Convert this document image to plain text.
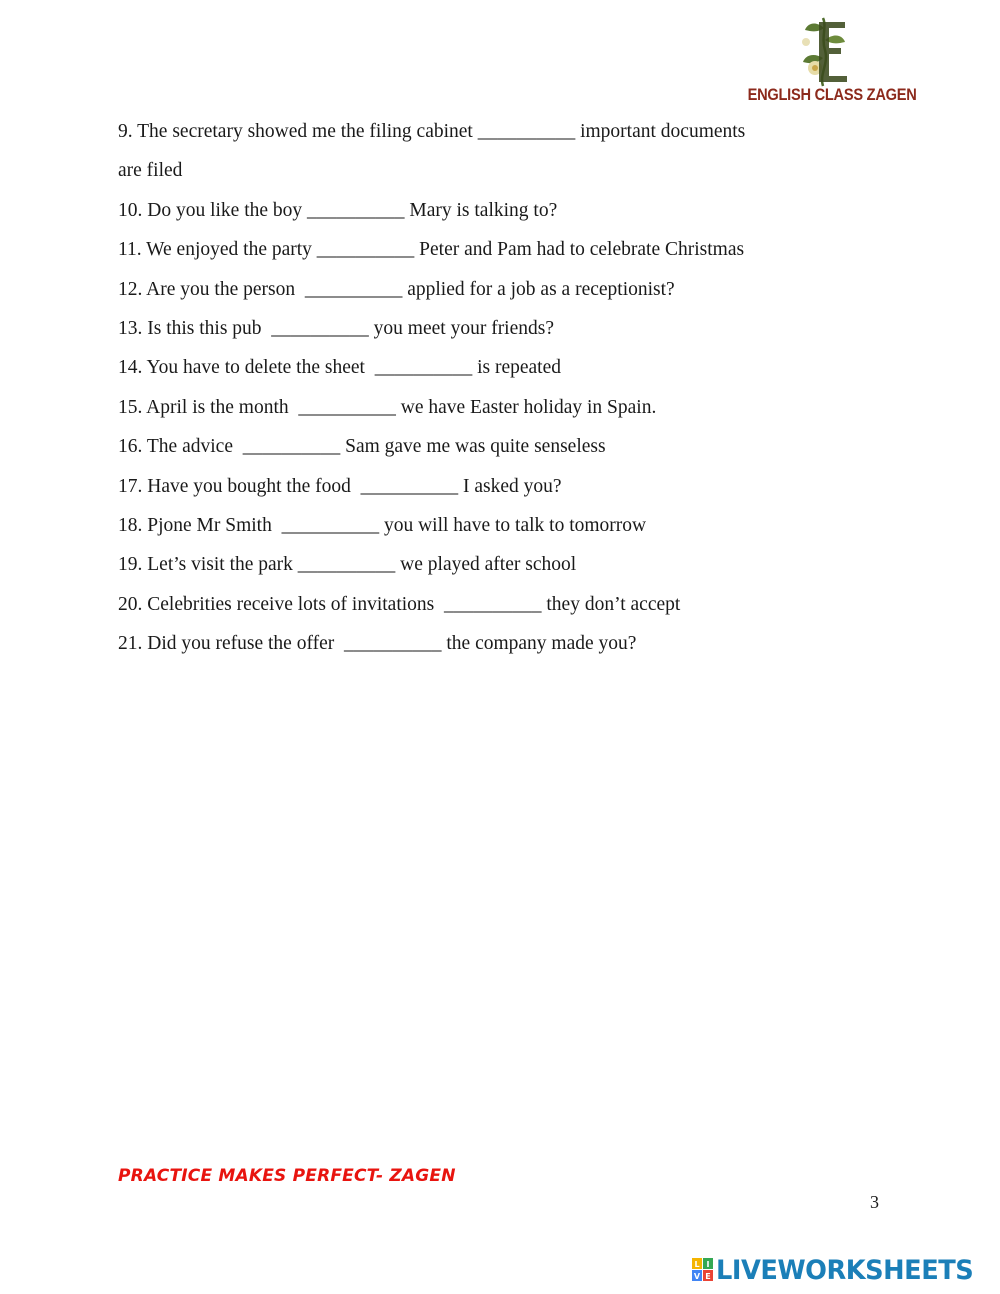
ENGLISH CLASS ZAGEN
9. The secretary showed me the filing cabinet __________ important documents
are filed
10. Do you like the boy __________ Mary is talking to?
11. We enjoyed the party __________ Peter and Pam had to celebrate Christmas
12. Are you the person  __________ applied for a job as a receptionist?
13. Is this this pub  __________ you meet your friends?
14. You have to delete the sheet  __________ is repeated
15. April is the month  __________ we have Easter holiday in Spain.
16. The advice  __________ Sam gave me was quite senseless
17. Have you bought the food  __________ I asked you?
18. Pjone Mr Smith  __________ you will have to talk to tomorrow
19. Let’s visit the park __________ we played after school
20. Celebrities receive lots of invitations  __________ they don’t accept
21. Did you refuse the offer  __________ the company made you?
PRACTICE MAKES PERFECT- ZAGEN
3
L I
V E LIVEWORKSHEETS
